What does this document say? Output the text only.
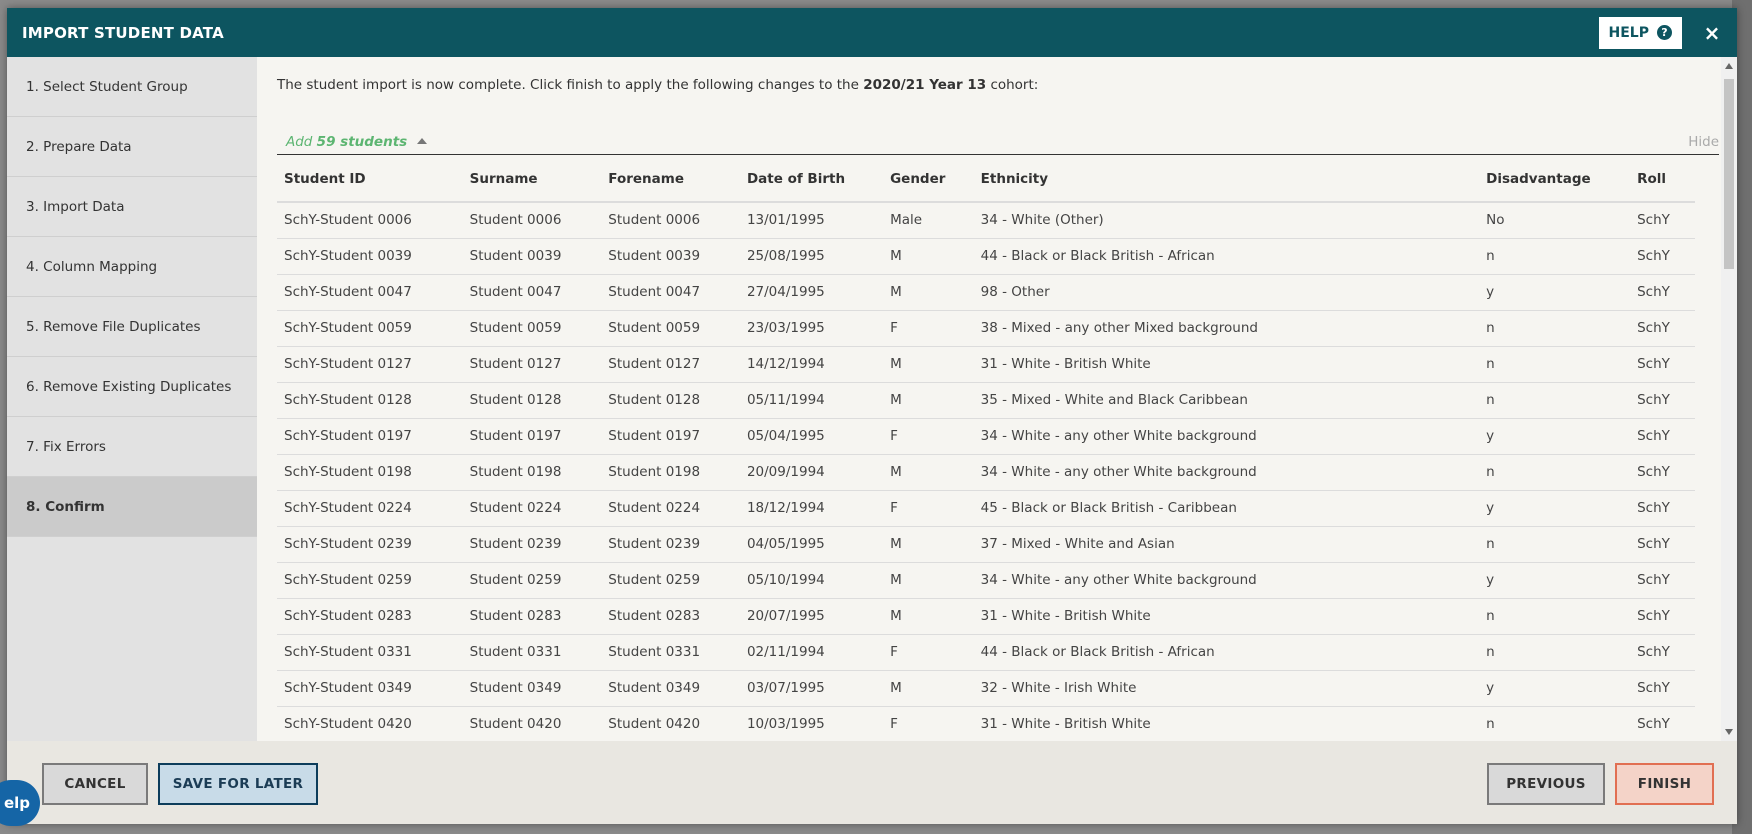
elp
IMPORT STUDENT DATA	HELP	? ×
1. Select Student Group
2. Prepare Data
3. Import Data
4. Column Mapping
5. Remove File Duplicates
6. Remove Existing Duplicates
7. Fix Errors
8. Confirm
The student import is now complete. Click finish to apply the following changes to the 2020/21 Year 13 cohort:
Add 59 students	Hide
Student ID	Surname	Forename	Date of Birth	Gender	Ethnicity	Disadvantage	Roll
SchY-Student 0006	Student 0006	Student 0006	13/01/1995	Male	34 - White (Other)	No	SchY
SchY-Student 0039	Student 0039	Student 0039	25/08/1995	M	44 - Black or Black British - African	n	SchY
SchY-Student 0047	Student 0047	Student 0047	27/04/1995	M	98 - Other	y	SchY
SchY-Student 0059	Student 0059	Student 0059	23/03/1995	F	38 - Mixed - any other Mixed background	n	SchY
SchY-Student 0127	Student 0127	Student 0127	14/12/1994	M	31 - White - British White	n	SchY
SchY-Student 0128	Student 0128	Student 0128	05/11/1994	M	35 - Mixed - White and Black Caribbean	n	SchY
SchY-Student 0197	Student 0197	Student 0197	05/04/1995	F	34 - White - any other White background	y	SchY
SchY-Student 0198	Student 0198	Student 0198	20/09/1994	M	34 - White - any other White background	n	SchY
SchY-Student 0224	Student 0224	Student 0224	18/12/1994	F	45 - Black or Black British - Caribbean	y	SchY
SchY-Student 0239	Student 0239	Student 0239	04/05/1995	M	37 - Mixed - White and Asian	n	SchY
SchY-Student 0259	Student 0259	Student 0259	05/10/1994	M	34 - White - any other White background	y	SchY
SchY-Student 0283	Student 0283	Student 0283	20/07/1995	M	31 - White - British White	n	SchY
SchY-Student 0331	Student 0331	Student 0331	02/11/1994	F	44 - Black or Black British - African	n	SchY
SchY-Student 0349	Student 0349	Student 0349	03/07/1995	M	32 - White - Irish White	y	SchY
SchY-Student 0420	Student 0420	Student 0420	10/03/1995	F	31 - White - British White	n	SchY
CANCEL	SAVE FOR LATER	PREVIOUS	FINISH
